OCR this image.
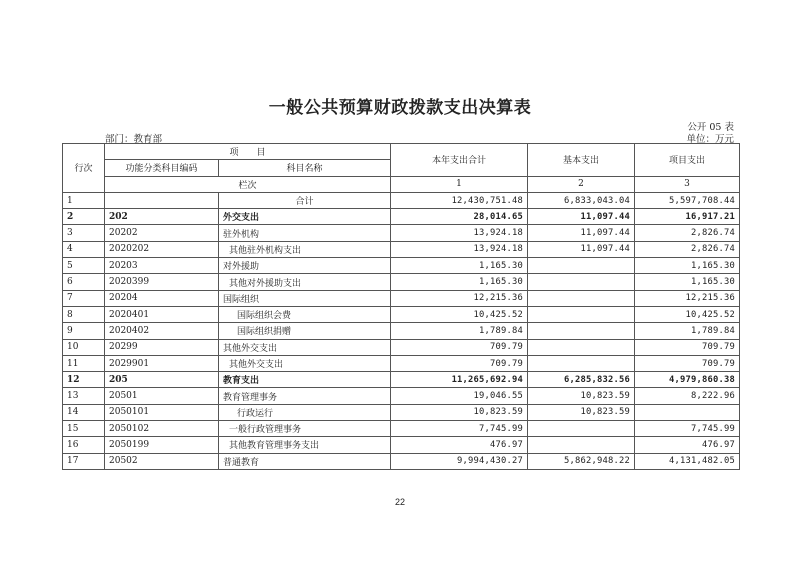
一般公共预算财政拨款支出决算表
公开 05 表
部门：教育部	单位：万元
行次	项　　目		本年支出合计	基本支出	项目支出
	功能分类科目编码	科目名称			
	栏次		1	2	3
1		合计	12,430,751.48	6,833,043.04	5,597,708.44
2	202	外交支出	28,014.65	11,097.44	16,917.21
3	20202	驻外机构	13,924.18	11,097.44	2,826.74
4	2020202	其他驻外机构支出	13,924.18	11,097.44	2,826.74
5	20203	对外援助	1,165.30		1,165.30
6	2020399	其他对外援助支出	1,165.30		1,165.30
7	20204	国际组织	12,215.36		12,215.36
8	2020401	国际组织会费	10,425.52		10,425.52
9	2020402	国际组织捐赠	1,789.84		1,789.84
10	20299	其他外交支出	709.79		709.79
11	2029901	其他外交支出	709.79		709.79
12	205	教育支出	11,265,692.94	6,285,832.56	4,979,860.38
13	20501	教育管理事务	19,046.55	10,823.59	8,222.96
14	2050101	行政运行	10,823.59	10,823.59	
15	2050102	一般行政管理事务	7,745.99		7,745.99
16	2050199	其他教育管理事务支出	476.97		476.97
17	20502	普通教育	9,994,430.27	5,862,948.22	4,131,482.05
22
